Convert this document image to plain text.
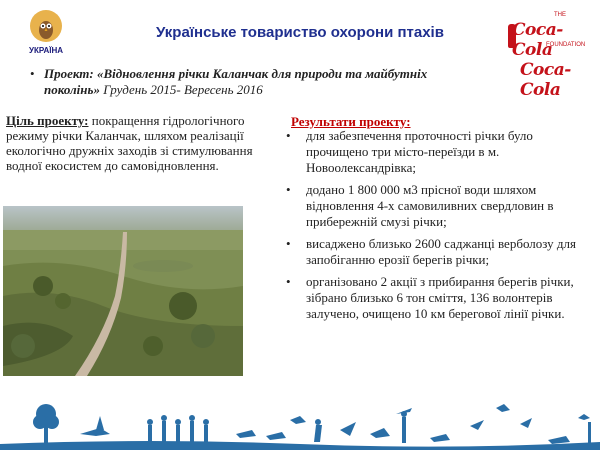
УКРАЇНА
Українське товариство охорони птахів
THE
Coca-Cola
FOUNDATION
Coca-Cola
• Проект: «Відновлення річки Каланчак для природи та майбутніх поколінь» Грудень 2015- Вересень 2016
Ціль проекту: покращення гідрологічного режиму річки Каланчак, шляхом реалізації екологічно дружніх заходів зі стимулювання водної екосистем до самовідновлення.
Результати проекту:
• для забезпечення проточності річки було прочищено три місто-переїзди в м. Новоолександрівка;
• додано 1 800 000 м3 прісної води шляхом відновлення 4-х самовиливних свердловин в прибережній смузі річки;
• висаджено близько 2600 саджанці верболозу для запобіганню ерозії берегів річки;
• організовано 2 акції з прибирання берегів річки, зібрано близько 6 тон сміття, 136 волонтерів залучено, очищено 10 км берегової лінії річки.
